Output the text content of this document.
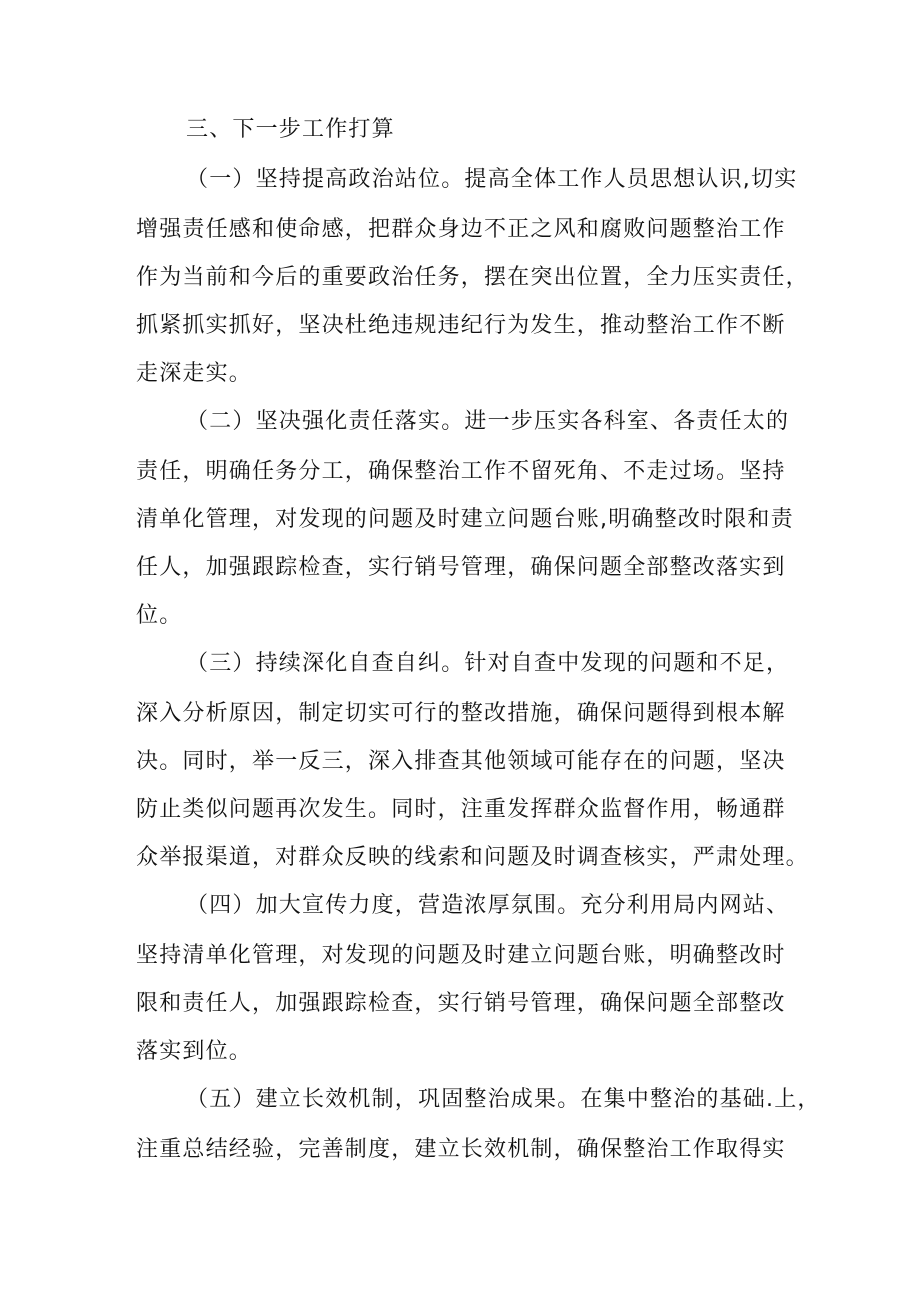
三、下一步工作打算

（一）坚持提高政治站位。提高全体工作人员思想认识,切实

增强责任感和使命感，把群众身边不正之风和腐败问题整治工作

作为当前和今后的重要政治任务，摆在突出位置，全力压实责任，

抓紧抓实抓好，坚决杜绝违规违纪行为发生，推动整治工作不断

走深走实。

（二）坚决强化责任落实。进一步压实各科室、各责任太的

责任，明确任务分工，确保整治工作不留死角、不走过场。坚持

清单化管理，对发现的问题及时建立问题台账,明确整改时限和责

任人，加强跟踪检查，实行销号管理，确保问题全部整改落实到

位。

（三）持续深化自查自纠。针对自查中发现的问题和不足，

深入分析原因，制定切实可行的整改措施，确保问题得到根本解

决。同时，举一反三，深入排查其他领域可能存在的问题，坚决

防止类似问题再次发生。同时，注重发挥群众监督作用，畅通群

众举报渠道，对群众反映的线索和问题及时调查核实，严肃处理。

（四）加大宣传力度，营造浓厚氛围。充分利用局内网站、

坚持清单化管理，对发现的问题及时建立问题台账，明确整改时

限和责任人，加强跟踪检查，实行销号管理，确保问题全部整改

落实到位。

（五）建立长效机制，巩固整治成果。在集中整治的基础.上，

注重总结经验，完善制度，建立长效机制，确保整治工作取得实
